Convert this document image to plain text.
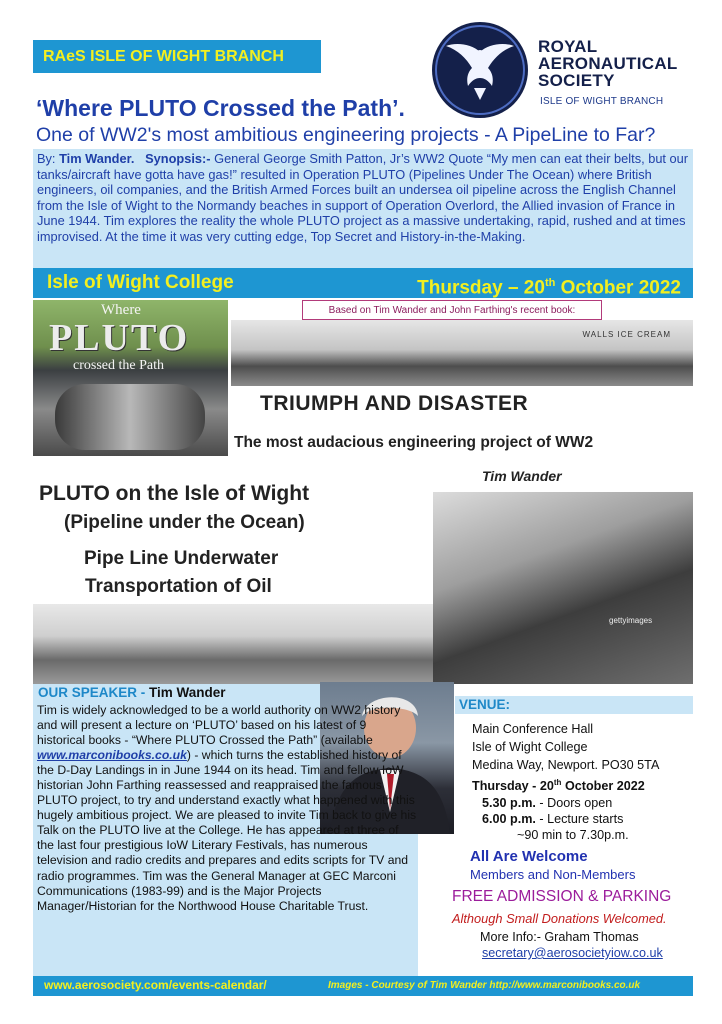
RAeS ISLE OF WIGHT BRANCH
ROYAL
AERONAUTICAL
SOCIETY
ISLE OF WIGHT BRANCH
‘Where PLUTO Crossed the Path’.
One of WW2's most ambitious engineering projects - A PipeLine to Far?
By: Tim Wander. Synopsis:- General George Smith Patton, Jr’s WW2 Quote “My men can eat their belts, but our tanks/aircraft have gotta have gas!” resulted in Operation PLUTO (Pipelines Under The Ocean) where British engineers, oil companies, and the British Armed Forces built an undersea oil pipeline across the English Channel from the Isle of Wight to the Normandy beaches in support of Operation Overlord, the Allied invasion of France in June 1944. Tim explores the reality the whole PLUTO project as a massive undertaking, rapid, rushed and at times improvised. At the time it was very cutting edge, Top Secret and History-in-the-Making.
Isle of Wight College	Thursday – 20th October 2022
Where
PLUTO
crossed the Path
WALLS ICE CREAM
Based on Tim Wander and John Farthing's recent book:
TRIUMPH AND DISASTER
The most audacious engineering project of WW2
Tim Wander
PLUTO on the Isle of Wight
(Pipeline under the Ocean)
Pipe Line Underwater
Transportation of Oil
gettyimages
OUR SPEAKER - Tim Wander
Tim is widely acknowledged to be a world authority on WW2 history and will present a lecture on ‘PLUTO’ based on his latest of 9 historical books - “Where PLUTO Crossed the Path” (available www.marconibooks.co.uk) - which turns the established history of the D-Day Landings in in June 1944 on its head. Tim and fellow IoW historian John Farthing reassessed and reappraised the famous PLUTO project, to try and understand exactly what happened with this hugely ambitious project. We are pleased to invite Tim back to give his Talk on the PLUTO live at the College. He has appeared at three of the last four prestigious IoW Literary Festivals, has numerous television and radio credits and prepares and edits scripts for TV and radio programmes. Tim was the General Manager at GEC Marconi Communications (1983-99) and is the Major Projects Manager/Historian for the Northwood House Charitable Trust.
VENUE:
Main Conference Hall
Isle of Wight College
Medina Way, Newport. PO30 5TA
Thursday - 20th October 2022
5.30 p.m. - Doors open
6.00 p.m. - Lecture starts
~90 min to 7.30p.m.
All Are Welcome
Members and Non-Members
FREE ADMISSION & PARKING
Although Small Donations Welcomed.
More Info:- Graham Thomas
secretary@aerosocietyiow.co.uk
www.aerosociety.com/events-calendar/	Images - Courtesy of Tim Wander http://www.marconibooks.co.uk
